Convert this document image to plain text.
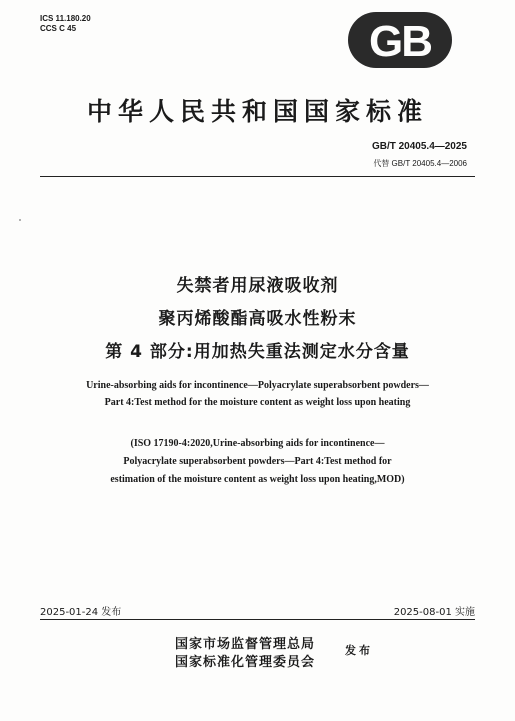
ICS 11.180.20
CCS C 45	GB
中华人民共和国国家标准
GB/T 20405.4—2025
代替 GB/T 20405.4—2006
失禁者用尿液吸收剂
聚丙烯酸酯高吸水性粉末
第 4 部分:用加热失重法测定水分含量
Urine-absorbing aids for incontinence—Polyacrylate superabsorbent powders—
Part 4:Test method for the moisture content as weight loss upon heating
(ISO 17190-4:2020,Urine-absorbing aids for incontinence—
Polyacrylate superabsorbent powders—Part 4:Test method for
estimation of the moisture content as weight loss upon heating,MOD)
2025-01-24 发布	2025-08-01 实施
国家市场监督管理总局
国家标准化管理委员会
发布
